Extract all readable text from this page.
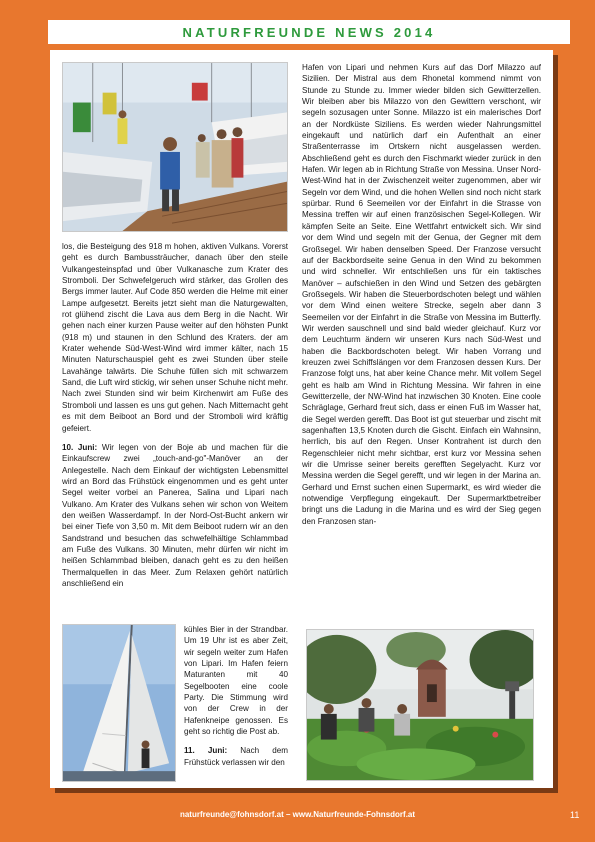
NATURFREUNDE NEWS 2014

los, die Besteigung des 918 m hohen, aktiven Vulkans. Vorerst geht es durch Bambussträucher, danach über den steile Vulkangesteinspfad und über Vulkanasche zum Krater des Stromboli. Der Schwefelgeruch wird stärker, das Grollen des Bergs immer lauter. Auf Code 850 werden die Helme mit einer Lampe aufgesetzt. Bereits jetzt sieht man die Naturgewalten, rot glühend zischt die Lava aus dem Berg in die Nacht. Wir gehen nach einer kurzen Pause weiter auf den höhsten Punkt (918 m) und staunen in den Schlund des Kraters. der am Krater wehende Süd-West-Wind wird immer kälter, nach 15 Minuten Naturschauspiel geht es zwei Stunden über steile Lavahänge talwärts. Die Schuhe füllen sich mit schwarzem Sand, die Luft wird stickig, wir sehen unser Schuhe nicht mehr. Nach zwei Stunden sind wir beim Kirchenwirt am Fuße des Stromboli und lassen es uns gut gehen. Nach Mitternacht geht es mit dem Beiboot an Bord und der Stromboli wird kräftig gefeiert.

10. Juni: Wir legen von der Boje ab und machen für die Einkaufscrew zwei „touch-and-go"-Manöver an der Anlegestelle. Nach dem Einkauf der wichtigsten Lebensmittel wird an Bord das Frühstück eingenommen und es geht unter Segel weiter vorbei an Panerea, Salina und Lipari nach Vulkano. Am Krater des Vulkans sehen wir schon von Weitem den weißen Wasserdampf. In der Nord-Ost-Bucht ankern wir bei einer Tiefe von 3,50 m. Mit dem Beiboot rudern wir an den Sandstrand und besuchen das schwefelhältige Schlammbad am Fuße des Vulkans. 30 Minuten, mehr dürfen wir nicht im heißen Schlammbad bleiben, danach geht es zu den heißen Thermalquellen in das Meer. Zum Relaxen gehört natürlich anschließend ein

kühles Bier in der Strandbar. Um 19 Uhr ist es aber Zeit, wir segeln weiter zum Hafen von Lipari. Im Hafen feiern Maturanten mit 40 Segelbooten eine coole Party. Die Stimmung wird von der Crew in der Hafenkneipe genossen. Es geht so richtig die Post ab.

11. Juni: Nach dem Frühstück verlassen wir den

Hafen von Lipari und nehmen Kurs auf das Dorf Milazzo auf Sizilien. Der Mistral aus dem Rhonetal kommend nimmt von Stunde zu Stunde zu. Immer wieder bilden sich Gewitterzellen. Wir bleiben aber bis Milazzo von den Gewittern verschont, wir segeln sozusagen unter Sonne. Milazzo ist ein malerisches Dorf an der Nordküste Siziliens. Es werden wieder Nahrungsmittel eingekauft und natürlich darf ein Aufenthalt an einer Straßenterrasse im Ortskern nicht ausgelassen werden. Abschließend geht es durch den Fischmarkt wieder zurück in den Hafen. Wir legen ab in Richtung Straße von Messina. Unser Nord-West-Wind hat in der Zwischenzeit weiter zugenommen, aber wir Segeln vor dem Wind, und die hohen Wellen sind noch nicht stark spürbar. Rund 6 Seemeilen vor der Einfahrt in die Strasse von Messina treffen wir auf einen französischen Segel-Kollegen. Wir kämpfen Seite an Seite. Eine Wettfahrt entwickelt sich. Wir sind vor dem Wind und segeln mit der Genua, der Gegner mit dem Großsegel. Wir haben denselben Speed. Der Franzose versucht auf der Backbordseite seine Genua in den Wind zu bekommen und wird schneller. Wir entschließen uns für ein taktisches Manöver – aufschießen in den Wind und Setzen des gebärgten Großsegels. Wir haben die Steuerbordschoten belegt und wählen vor dem Wind einen weitere Strecke, segeln aber dann 3 Seemeilen vor der Einfahrt in die Straße von Messina im Butterfly. Wir werden sauschnell und sind bald wieder gleichauf. Kurz vor dem Leuchturm ändern wir unseren Kurs nach Süd-West und haben die Backbordschoten belegt. Wir haben Vorrang und kreuzen zwei Schiffslängen vor dem Franzosen dessen Kurs. Der Franzose folgt uns, hat aber keine Chance mehr. Mit vollem Segel geht es halb am Wind in Richtung Messina. Wir fahren in eine Gewitterzelle, der NW-Wind hat inzwischen 30 Knoten. Eine coole Schräglage, Gerhard freut sich, dass er einen Fuß im Wasser hat, die Segel werden gerefft. Das Boot ist gut steuerbar und zischt mit sagenhaften 13,5 Knoten durch die Gischt. Einfach ein Wahnsinn, herrlich, bis auf den Regen. Unser Kontrahent ist durch den Regenschleier nicht mehr sichtbar, erst kurz vor Messina sehen wir die Umrisse seiner bereits gerefften Segelyacht. Kurz vor Messina werden die Segel gerefft, und wir legen in der Marina an. Gerhard und Ernst suchen einen Supermarkt, es wird wieder die notwendige Verpflegung eingekauft. Der Supermarktbetreiber bringt uns die Ladung in die Marina und es wird der Sieg gegen den Franzosen stan-

naturfreunde@fohnsdorf.at – www.Naturfreunde-Fohnsdorf.at	11
